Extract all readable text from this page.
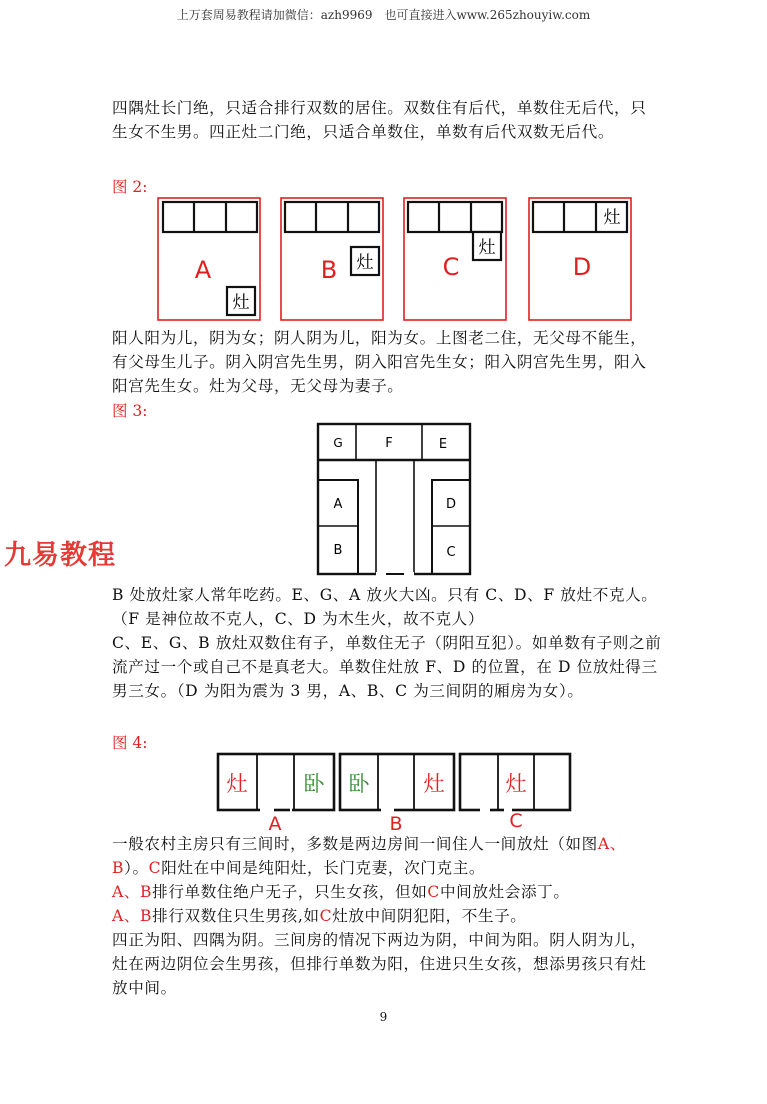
上万套周易教程请加微信：azh9969　也可直接进入www.265zhouyiw.com

四隅灶长门绝，只适合排行双数的居住。双数住有后代，单数住无后代，只生女不生男。四正灶二门绝，只适合单数住，单数有后代双数无后代。

图 2:
A
灶
B 灶	C
灶
D
灶

阳人阳为儿，阴为女；阴人阴为儿，阳为女。上图老二住，无父母不能生，有父母生儿子。阴入阴宫先生男，阴入阳宫先生女；阳入阴宫先生男，阳入阳宫先生女。灶为父母，无父母为妻子。

图 3:
G	F	E
A
B
D
C
九易教程

B 处放灶家人常年吃药。E、G、A 放火大凶。只有 C、D、F 放灶不克人。（F 是神位故不克人，C、D 为木生火，故不克人）

C、E、G、B 放灶双数住有子，单数住无子（阴阳互犯）。如单数有子则之前流产过一个或自己不是真老大。单数住灶放 F、D 的位置，在 D 位放灶得三男三女。（D 为阳为震为 3 男，A、B、C 为三间阴的厢房为女）。

图 4:
灶	卧
A
卧	灶
B
灶
C

一般农村主房只有三间时，多数是两边房间一间住人一间放灶（如图A、B）。C阳灶在中间是纯阳灶，长门克妻，次门克主。

A、B排行单数住绝户无子，只生女孩，但如C中间放灶会添丁。

A、B排行双数住只生男孩,如C灶放中间阴犯阳，不生子。

四正为阳、四隅为阴。三间房的情况下两边为阴，中间为阳。阴人阴为儿，灶在两边阴位会生男孩，但排行单数为阳，住进只生女孩，想添男孩只有灶放中间。

9
